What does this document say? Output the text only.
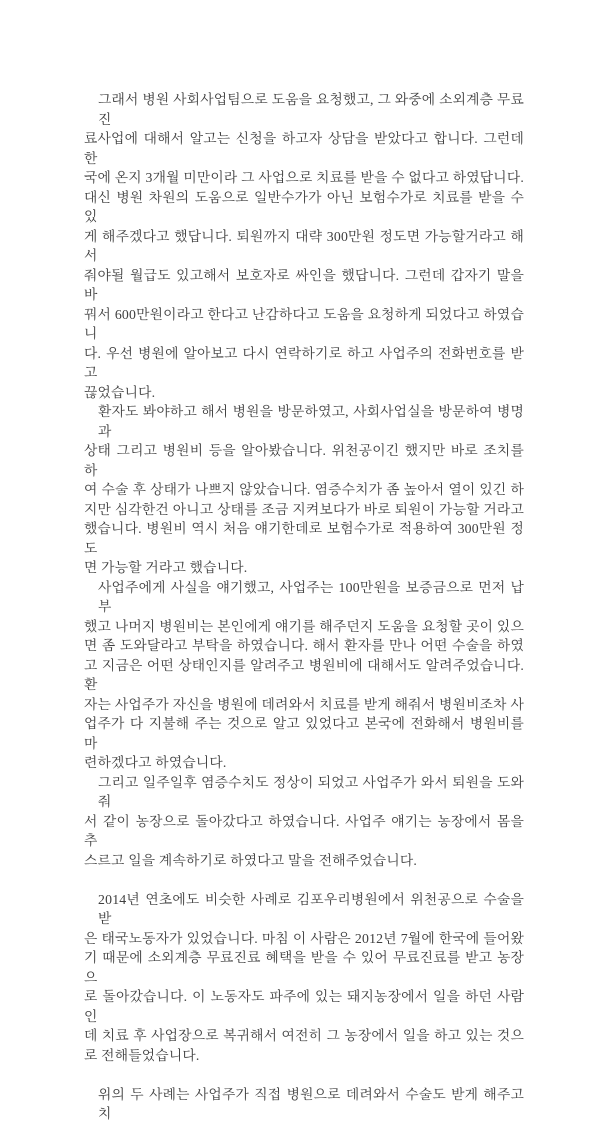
그래서 병원 사회사업팀으로 도움을 요청했고, 그 와중에 소외계층 무료진
료사업에 대해서 알고는 신청을 하고자 상담을 받았다고 합니다. 그런데 한
국에 온지 3개월 미만이라 그 사업으로 치료를 받을 수 없다고 하였답니다.
대신 병원 차원의 도움으로 일반수가가 아닌 보험수가로 치료를 받을 수 있
게 해주겠다고 했답니다. 퇴원까지 대략 300만원 정도면 가능할거라고 해서
줘야될 월급도 있고해서 보호자로 싸인을 했답니다. 그런데 갑자기 말을 바
꿔서 600만원이라고 한다고 난감하다고 도움을 요청하게 되었다고 하였습니
다. 우선 병원에 알아보고 다시 연락하기로 하고 사업주의 전화번호를 받고
끊었습니다.
환자도 봐야하고 해서 병원을 방문하였고, 사회사업실을 방문하여 병명과
상태 그리고 병원비 등을 알아봤습니다. 위천공이긴 했지만 바로 조치를 하
여 수술 후 상태가 나쁘지 않았습니다. 염증수치가 좀 높아서 열이 있긴 하
지만 심각한건 아니고 상태를 조금 지켜보다가 바로 퇴원이 가능할 거라고
했습니다. 병원비 역시 처음 얘기한데로 보험수가로 적용하여 300만원 정도
면 가능할 거라고 했습니다.
사업주에게 사실을 얘기했고, 사업주는 100만원을 보증금으로 먼저 납부
했고 나머지 병원비는 본인에게 얘기를 해주던지 도움을 요청할 곳이 있으
면 좀 도와달라고 부탁을 하였습니다. 해서 환자를 만나 어떤 수술을 하였
고 지금은 어떤 상태인지를 알려주고 병원비에 대해서도 알려주었습니다. 환
자는 사업주가 자신을 병원에 데려와서 치료를 받게 해줘서 병원비조차 사
업주가 다 지불해 주는 것으로 알고 있었다고 본국에 전화해서 병원비를 마
련하겠다고 하였습니다.
그리고 일주일후 염증수치도 정상이 되었고 사업주가 와서 퇴원을 도와줘
서 같이 농장으로 돌아갔다고 하였습니다. 사업주 얘기는 농장에서 몸을 추
스르고 일을 계속하기로 하였다고 말을 전해주었습니다.
2014년 연초에도 비슷한 사례로 김포우리병원에서 위천공으로 수술을 받
은 태국노동자가 있었습니다. 마침 이 사람은 2012년 7월에 한국에 들어왔
기 때문에 소외계층 무료진료 혜택을 받을 수 있어 무료진료를 받고 농장으
로 돌아갔습니다. 이 노동자도 파주에 있는 돼지농장에서 일을 하던 사람인
데 치료 후 사업장으로 복귀해서 여전히 그 농장에서 일을 하고 있는 것으
로 전해들었습니다.
위의 두 사례는 사업주가 직접 병원으로 데려와서 수술도 받게 해주고 치
